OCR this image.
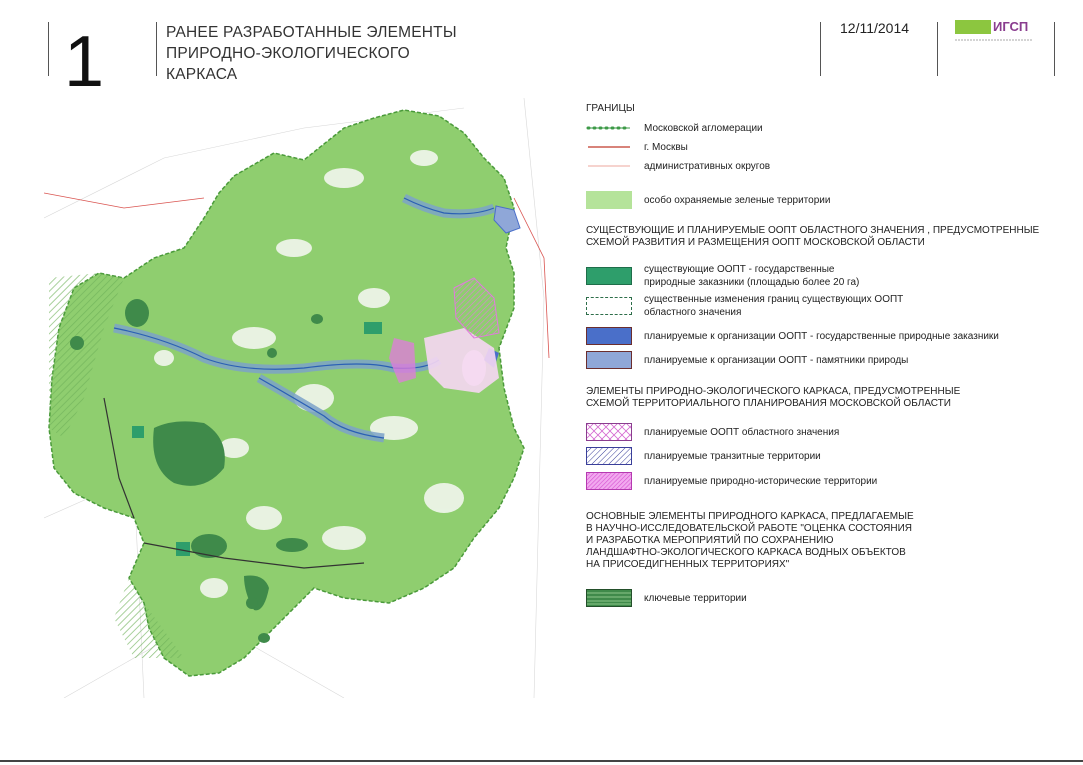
1	РАНЕЕ РАЗРАБОТАННЫЕ ЭЛЕМЕНТЫ
ПРИРОДНО-ЭКОЛОГИЧЕСКОГО
КАРКАСА
12/11/2014	ИГСП
ГРАНИЦЫ
Московской агломерации
г. Москвы
административных округов
особо охраняемые зеленые территории
СУЩЕСТВУЮЩИЕ И ПЛАНИРУЕМЫЕ ООПТ ОБЛАСТНОГО ЗНАЧЕНИЯ , ПРЕДУСМОТРЕННЫЕ
СХЕМОЙ РАЗВИТИЯ И РАЗМЕЩЕНИЯ ООПТ МОСКОВСКОЙ ОБЛАСТИ
существующие ООПТ - государственные
природные заказники (площадью более 20 га)
существенные изменения границ существующих ООПТ
областного значения
планируемые к организации ООПТ - государственные природные заказники
планируемые к организации ООПТ - памятники природы
ЭЛЕМЕНТЫ ПРИРОДНО-ЭКОЛОГИЧЕСКОГО КАРКАСА, ПРЕДУСМОТРЕННЫЕ
СХЕМОЙ ТЕРРИТОРИАЛЬНОГО ПЛАНИРОВАНИЯ МОСКОВСКОЙ ОБЛАСТИ
планируемые ООПТ областного значения
планируемые транзитные территории
планируемые природно-исторические территории
ОСНОВНЫЕ ЭЛЕМЕНТЫ ПРИРОДНОГО КАРКАСА, ПРЕДЛАГАЕМЫЕ
В НАУЧНО-ИССЛЕДОВАТЕЛЬСКОЙ РАБОТЕ "ОЦЕНКА СОСТОЯНИЯ
И РАЗРАБОТКА МЕРОПРИЯТИЙ ПО СОХРАНЕНИЮ
ЛАНДШАФТНО-ЭКОЛОГИЧЕСКОГО КАРКАСА ВОДНЫХ ОБЪЕКТОВ
НА ПРИСОЕДИГНЕННЫХ ТЕРРИТОРИЯХ"
ключевые территории
